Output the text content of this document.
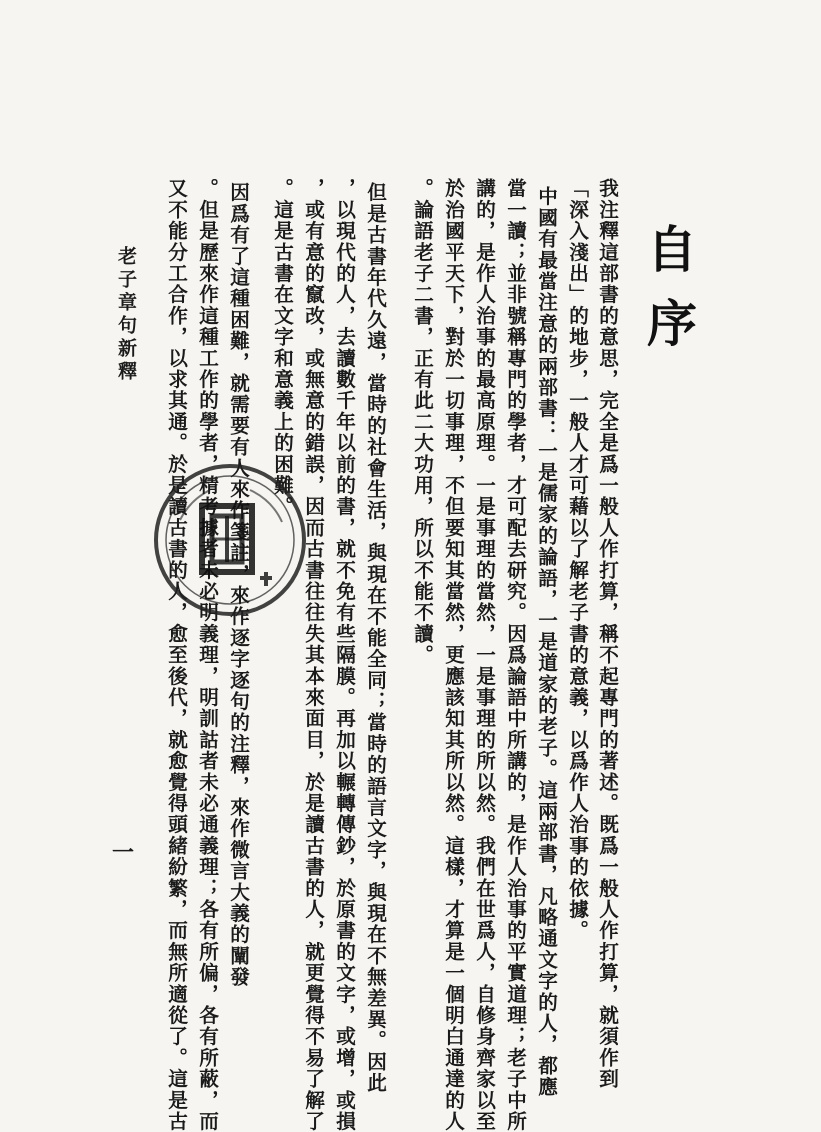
自
序
我注釋這部書的意思，完全是爲一般人作打算，稱不起專門的著述。既爲一般人作打算，就須作到
「深入淺出」的地步，一般人才可藉以了解老子書的意義，以爲作人治事的依據。
中國有最當注意的兩部書：一是儒家的論語，一是道家的老子。這兩部書，凡略通文字的人，都應
當一讀；並非號稱專門的學者，才可配去研究。因爲論語中所講的，是作人治事的平實道理；老子中所
講的，是作人治事的最高原理。一是事理的當然，一是事理的所以然。我們在世爲人，自修身齊家以至
於治國平天下，對於一切事理，不但要知其當然，更應該知其所以然。這樣，才算是一個明白通達的人
。論語老子二書，正有此二大功用，所以不能不讀。
但是古書年代久遠，當時的社會生活，與現在不能全同；當時的語言文字，與現在不無差異。因此
，以現代的人，去讀數千年以前的書，就不免有些隔膜。再加以輾轉傳鈔，於原書的文字，或增，或損
，或有意的竄改，或無意的錯誤，因而古書往往失其本來面目，於是讀古書的人，就更覺得不易了解了
。這是古書在文字和意義上的困難。
因爲有了這種困難，就需要有人來作箋註，來作逐字逐句的注釋，來作微言大義的闡發
。但是歷來作這種工作的學者，精考據者未必明義理，明訓詁者未必通義理；各有所偏，各有所蔽，而
又不能分工合作，以求其通。於是讀古書的人，愈至後代，就愈覺得頭緒紛繁，而無所適從了。這是古
老子章句新釋
一
